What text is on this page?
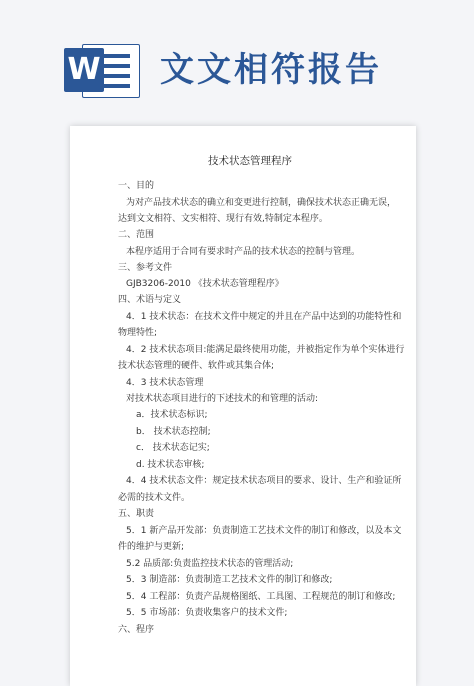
W 文文相符报告
技术状态管理程序
一、目的
为对产品技术状态的确立和变更进行控制，确保技术状态正确无误，
达到文文相符、文实相符、现行有效,特制定本程序。
二、范围
本程序适用于合同有要求时产品的技术状态的控制与管理。
三、参考文件
GJB3206-2010 《技术状态管理程序》
四、术语与定义
4．1 技术状态：在技术文件中规定的并且在产品中达到的功能特性和
物理特性;
4．2 技术状态项目:能满足最终使用功能，并被指定作为单个实体进行
技术状态管理的硬件、软件或其集合体;
4．3 技术状态管理
对技术状态项目进行的下述技术的和管理的活动:
a．技术状态标识;
b． 技术状态控制;
c． 技术状态记实;
d. 技术状态审核;
4．4 技术状态文件：规定技术状态项目的要求、设计、生产和验证所
必需的技术文件。
五、职责
5．1 新产品开发部：负责制造工艺技术文件的制订和修改，以及本文
件的维护与更新;
5.2 品质部:负责监控技术状态的管理活动;
5．3 制造部：负责制造工艺技术文件的制订和修改;
5．4 工程部：负责产品规格图纸、工具图、工程规范的制订和修改;
5．5 市场部：负责收集客户的技术文件;
六、程序
